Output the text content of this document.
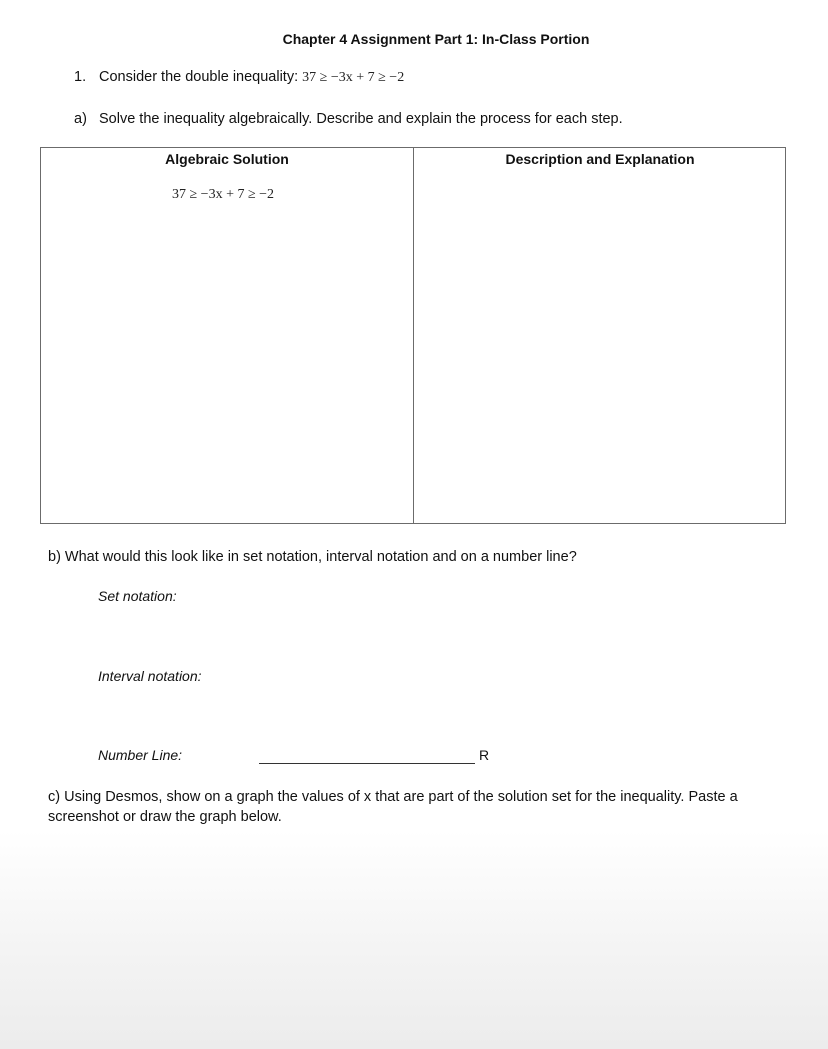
Chapter 4 Assignment Part 1: In-Class Portion
1. Consider the double inequality: 37 ≥ −3x + 7 ≥ −2
a) Solve the inequality algebraically. Describe and explain the process for each step.
Algebraic Solution	Description and Explanation
37 ≥ −3x + 7 ≥ −2
b) What would this look like in set notation, interval notation and on a number line?
Set notation:
Interval notation:
Number Line:	R
c) Using Desmos, show on a graph the values of x that are part of the solution set for the inequality. Paste a screenshot or draw the graph below.
